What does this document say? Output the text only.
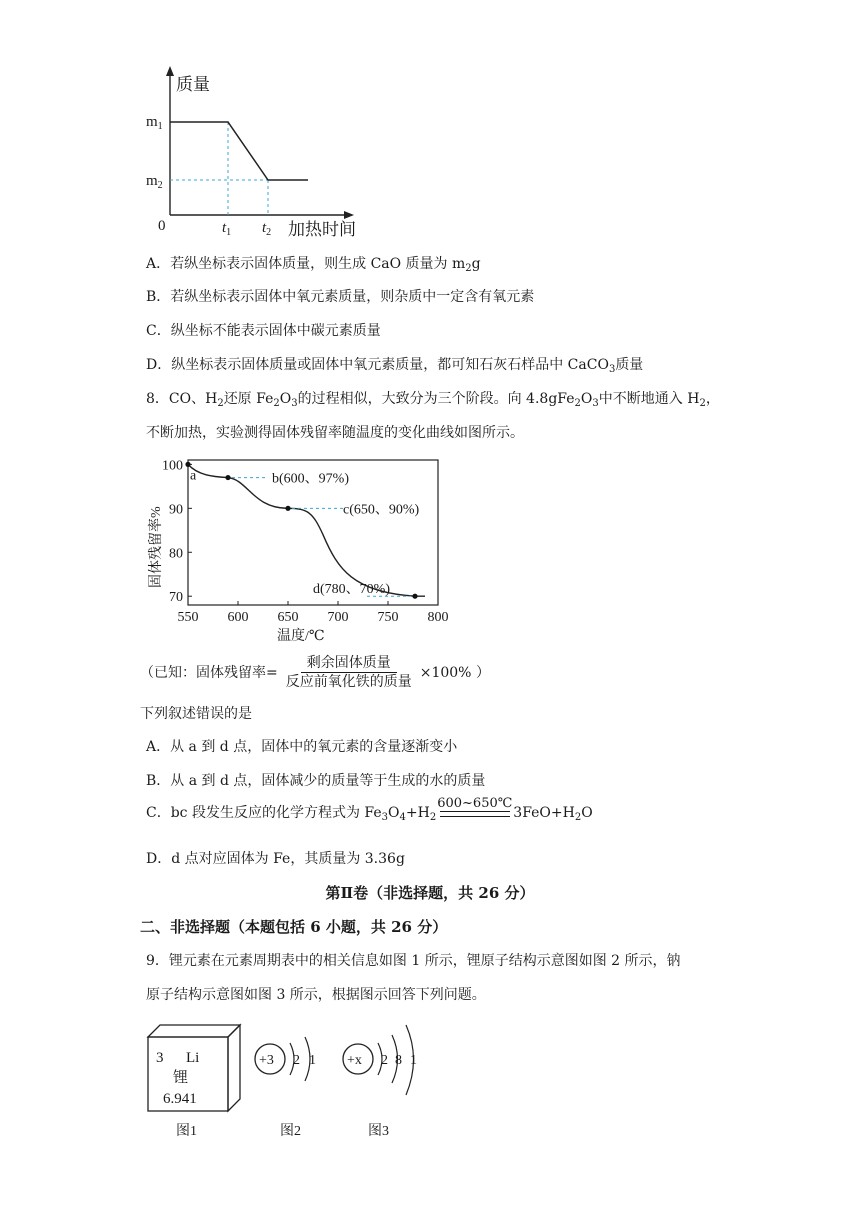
质量
加热时间
0
$m_1$
$m_2$
$t_1$ $t_2$
A．若纵坐标表示固体质量，则生成 CaO 质量为 $m_2g$
B．若纵坐标表示固体中氧元素质量，则杂质中一定含有氧元素
C．纵坐标不能表示固体中碳元素质量
D．纵坐标表示固体质量或固体中氧元素质量，都可知石灰石样品中 CaCO$_3$质量
8．CO、$H_2$还原 $Fe_2O_3$的过程相似，大致分为三个阶段。向 $4.8gFe_2O_3$中不断地通入 $H_2$，
不断加热，实验测得固体残留率随温度的变化曲线如图所示。
固体残留率%
温度/℃
550 600 650 700 750 800
70
80
90
100
a	b(600、97%)
c(650、90%)
d(780、70%)
（已知：固体残留率= $\frac{\text{剩余固体质量}}{\text{反应前氧化铁的质量}} \times 100\%$ ）
下列叙述错误的是
A．从 a 到 d 点，固体中的氧元素的含量逐渐变小
B．从 a 到 d 点，固体减少的质量等于生成的水的质量
C．bc 段发生反应的化学方程式为 $Fe_3O_4+H_2$
600~650℃
$3FeO+H_2O$
D．d 点对应固体为 Fe，其质量为 3.36g
第Ⅱ卷（非选择题，共 26 分）
二、非选择题（本题包括 6 小题，共 26 分）
9．锂元素在元素周期表中的相关信息如图 1 所示，锂原子结构示意图如图 2 所示，钠
原子结构示意图如图 3 所示，根据图示回答下列问题。
3 Li
锂
6.941
图1
+3 2 1
图2
+x 2 8 1
图3
